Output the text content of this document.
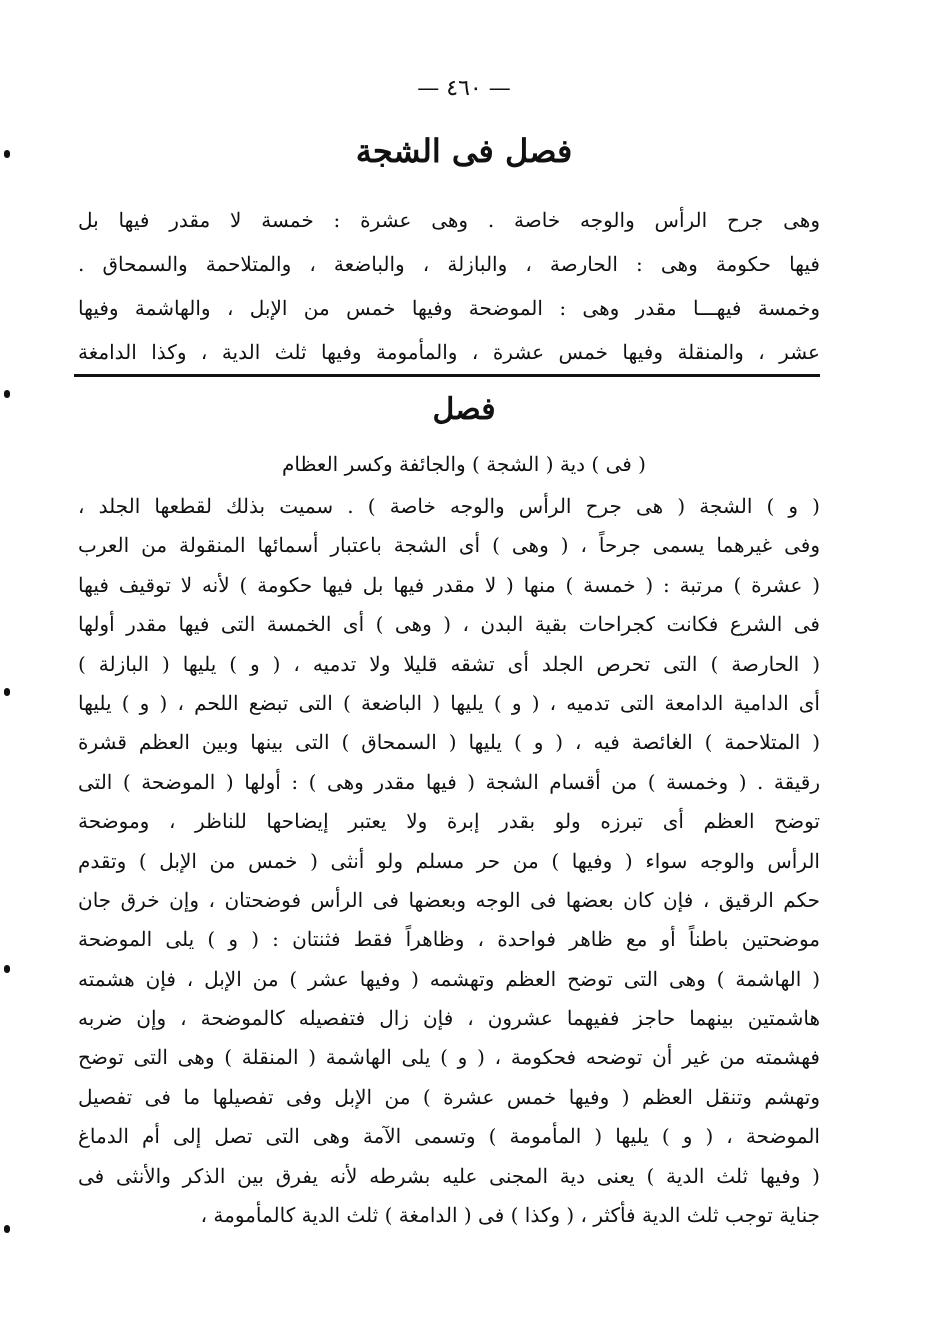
— ٤٦٠ —
فصل فى الشجة
وهى جرح الرأس والوجه خاصة . وهى عشرة : خمسة لا مقدر فيها بل
فيها حكومة وهى : الحارصة ، والبازلة ، والباضعة ، والمتلاحمة والسمحاق .
وخمسة فيهـــا مقدر وهى : الموضحة وفيها خمس من الإبل ، والهاشمة وفيها
عشر ، والمنقلة وفيها خمس عشرة ، والمأمومة وفيها ثلث الدية ، وكذا الدامغة
فصل
( فى ) دية ( الشجة ) والجائفة وكسر العظام
( و ) الشجة ( هى جرح الرأس والوجه خاصة ) . سميت بذلك لقطعها الجلد ،
وفى غيرهما يسمى جرحاً ، ( وهى ) أى الشجة باعتبار أسمائها المنقولة من العرب
( عشرة ) مرتبة : ( خمسة ) منها ( لا مقدر فيها بل فيها حكومة ) لأنه لا توقيف فيها
فى الشرع فكانت كجراحات بقية البدن ، ( وهى ) أى الخمسة التى فيها مقدر أولها
( الحارصة ) التى تحرص الجلد أى تشقه قليلا ولا تدميه ، ( و ) يليها ( البازلة )
أى الدامية الدامعة التى تدميه ، ( و ) يليها ( الباضعة ) التى تبضع اللحم ، ( و ) يليها
( المتلاحمة ) الغائصة فيه ، ( و ) يليها ( السمحاق ) التى بينها وبين العظم قشرة
رقيقة . ( وخمسة ) من أقسام الشجة ( فيها مقدر وهى ) : أولها ( الموضحة ) التى
توضح العظم أى تبرزه ولو بقدر إبرة ولا يعتبر إيضاحها للناظر ، وموضحة
الرأس والوجه سواء ( وفيها ) من حر مسلم ولو أنثى ( خمس من الإبل ) وتقدم
حكم الرقيق ، فإن كان بعضها فى الوجه وبعضها فى الرأس فوضحتان ، وإن خرق جان
موضحتين باطناً أو مع ظاهر فواحدة ، وظاهراً فقط فثنتان : ( و ) يلى الموضحة
( الهاشمة ) وهى التى توضح العظم وتهشمه ( وفيها عشر ) من الإبل ، فإن هشمته
هاشمتين بينهما حاجز ففيهما عشرون ، فإن زال فتفصيله كالموضحة ، وإن ضربه
فهشمته من غير أن توضحه فحكومة ، ( و ) يلى الهاشمة ( المنقلة ) وهى التى توضح
وتهشم وتنقل العظم ( وفيها خمس عشرة ) من الإبل وفى تفصيلها ما فى تفصيل
الموضحة ، ( و ) يليها ( المأمومة ) وتسمى الآمة وهى التى تصل إلى أم الدماغ
( وفيها ثلث الدية ) يعنى دية المجنى عليه بشرطه لأنه يفرق بين الذكر والأنثى فى
جناية توجب ثلث الدية فأكثر ، ( وكذا ) فى ( الدامغة ) ثلث الدية كالمأمومة ،
